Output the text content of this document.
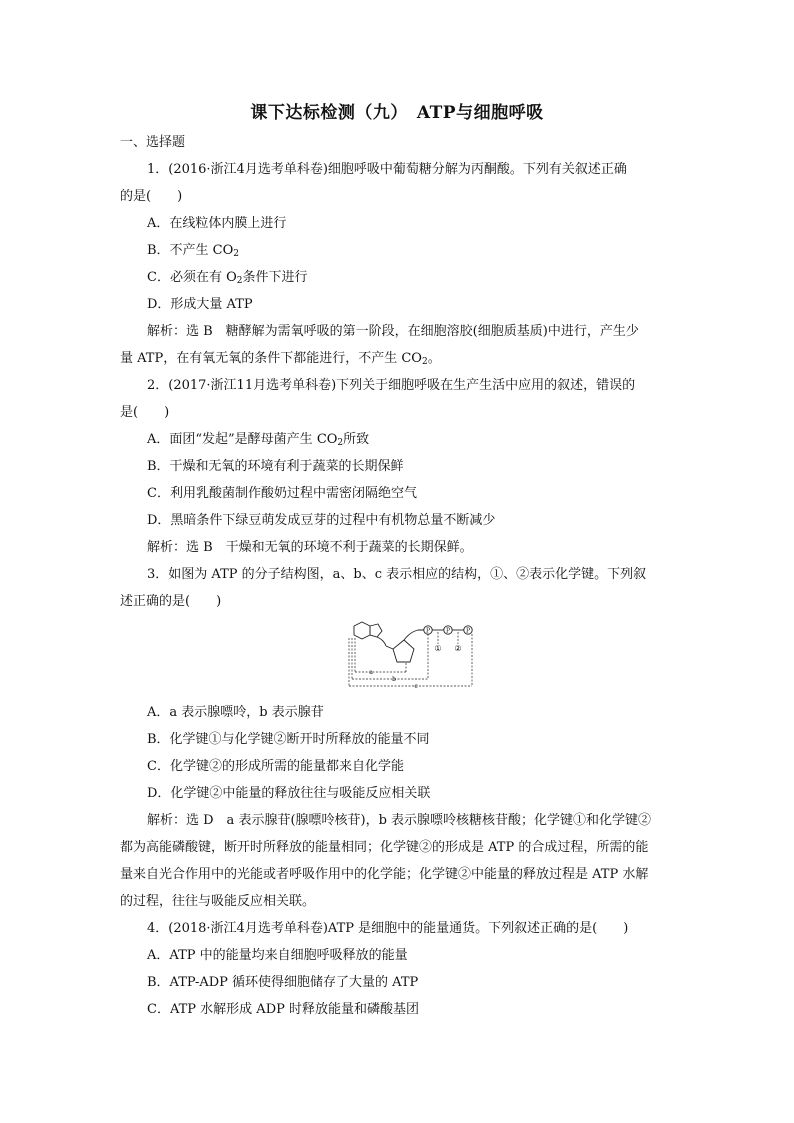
课下达标检测（九）　ATP与细胞呼吸
一、选择题
1．(2016·浙江4月选考单科卷)细胞呼吸中葡萄糖分解为丙酮酸。下列有关叙述正确
的是(　　)
A．在线粒体内膜上进行
B．不产生 $CO_2$
C．必须在有 $O_2$条件下进行
D．形成大量 ATP
解析：选 B　糖酵解为需氧呼吸的第一阶段，在细胞溶胶(细胞质基质)中进行，产生少
量 ATP，在有氧无氧的条件下都能进行，不产生 $CO_2$。
2．(2017·浙江11月选考单科卷)下列关于细胞呼吸在生产生活中应用的叙述，错误的
是(　　)
A．面团“发起”是酵母菌产生 $CO_2$所致
B．干燥和无氧的环境有利于蔬菜的长期保鲜
C．利用乳酸菌制作酸奶过程中需密闭隔绝空气
D．黑暗条件下绿豆萌发成豆芽的过程中有机物总量不断减少
解析：选 B　干燥和无氧的环境不利于蔬菜的长期保鲜。
3．如图为 ATP 的分子结构图，a、b、c 表示相应的结构，①、②表示化学键。下列叙
述正确的是(　　)
P	P	P
① ②
a
b
c
A．a 表示腺嘌呤，b 表示腺苷
B．化学键①与化学键②断开时所释放的能量不同
C．化学键②的形成所需的能量都来自化学能
D．化学键②中能量的释放往往与吸能反应相关联
解析：选 D　a 表示腺苷(腺嘌呤核苷)，b 表示腺嘌呤核糖核苷酸；化学键①和化学键②
都为高能磷酸键，断开时所释放的能量相同；化学键②的形成是 ATP 的合成过程，所需的能
量来自光合作用中的光能或者呼吸作用中的化学能；化学键②中能量的释放过程是 ATP 水解
的过程，往往与吸能反应相关联。
4．(2018·浙江4月选考单科卷)ATP 是细胞中的能量通货。下列叙述正确的是(　　)
A．ATP 中的能量均来自细胞呼吸释放的能量
B．ATP-ADP 循环使得细胞储存了大量的 ATP
C．ATP 水解形成 ADP 时释放能量和磷酸基团
